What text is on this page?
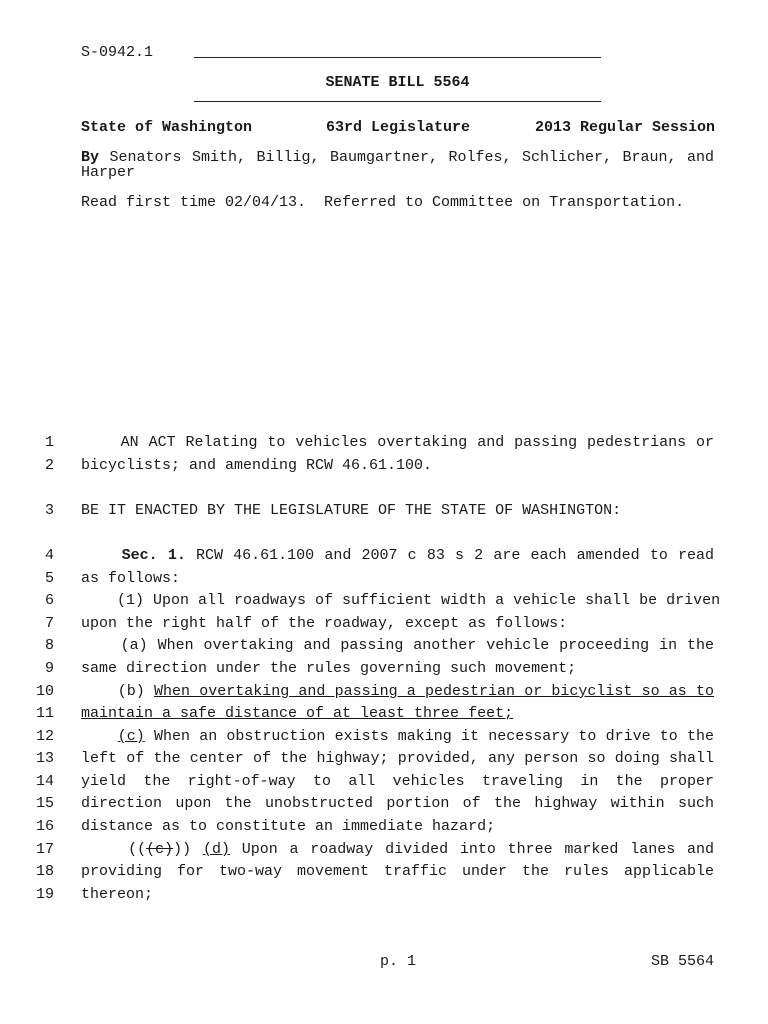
S-0942.1
SENATE BILL 5564
State of Washington	63rd Legislature	2013 Regular Session
By Senators Smith, Billig, Baumgartner, Rolfes, Schlicher, Braun, and
Harper
Read first time 02/04/13.  Referred to Committee on Transportation.
1
2
3
4
5
6
7
8
9
10
11
12
13
14
15
16
17
18
19
AN ACT Relating to vehicles overtaking and passing pedestrians or
bicyclists; and amending RCW 46.61.100.
BE IT ENACTED BY THE LEGISLATURE OF THE STATE OF WASHINGTON:
Sec. 1. RCW 46.61.100 and 2007 c 83 s 2 are each amended to read
as follows:
(1) Upon all roadways of sufficient width a vehicle shall be driven
upon the right half of the roadway, except as follows:
(a) When overtaking and passing another vehicle proceeding in the
same direction under the rules governing such movement;
(b) When overtaking and passing a pedestrian or bicyclist so as to
maintain a safe distance of at least three feet;
(c) When an obstruction exists making it necessary to drive to the
left of the center of the highway; provided, any person so doing shall
yield the right-of-way to all vehicles traveling in the proper
direction upon the unobstructed portion of the highway within such
distance as to constitute an immediate hazard;
(((c))) (d) Upon a roadway divided into three marked lanes and
providing for two-way movement traffic under the rules applicable
thereon;
p. 1	SB 5564
